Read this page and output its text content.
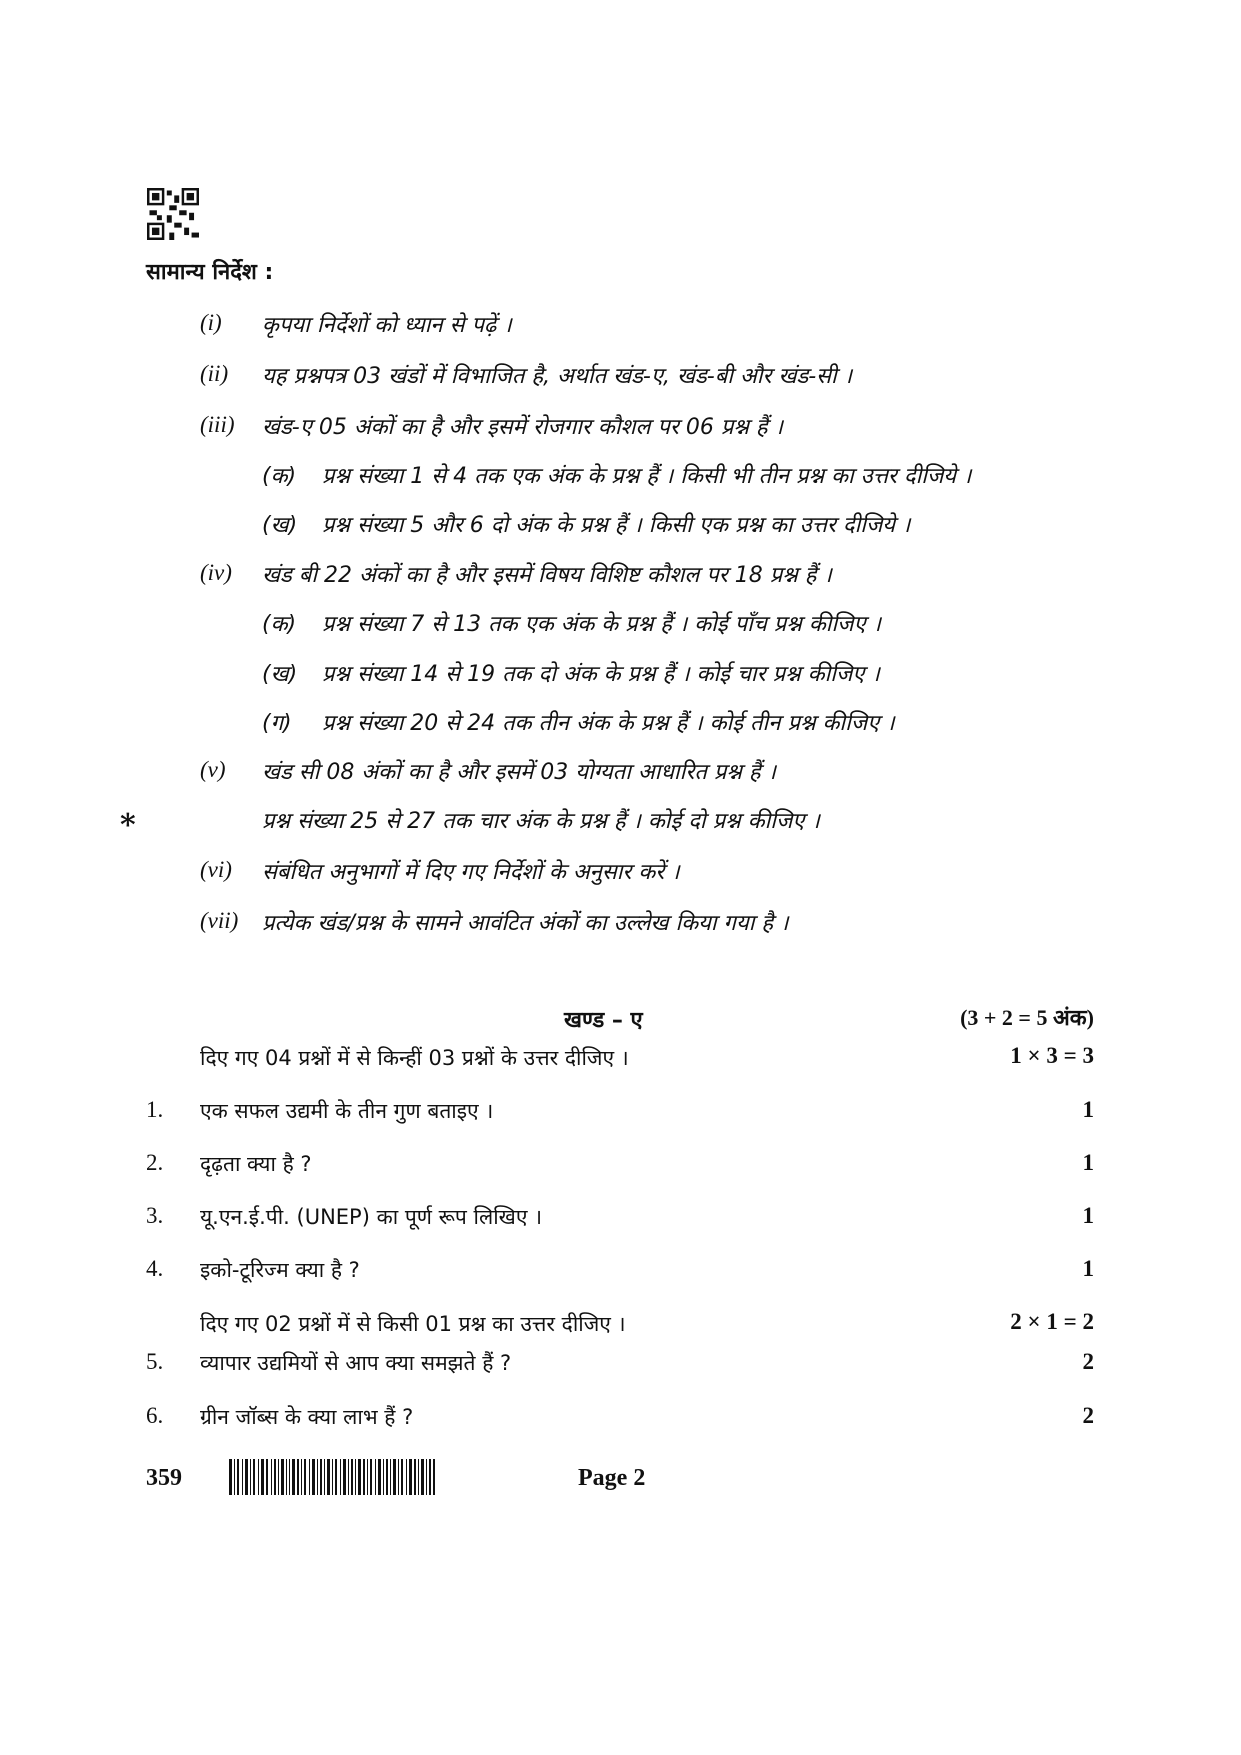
सामान्य निर्देश :
(i) कृपया निर्देशों को ध्यान से पढ़ें ।
(ii) यह प्रश्नपत्र 03 खंडों में विभाजित है, अर्थात खंड-ए, खंड-बी और खंड-सी ।
(iii) खंड-ए 05 अंकों का है और इसमें रोजगार कौशल पर 06 प्रश्न हैं ।
(क) प्रश्न संख्या 1 से 4 तक एक अंक के प्रश्न हैं । किसी भी तीन प्रश्न का उत्तर दीजिये ।
(ख) प्रश्न संख्या 5 और 6 दो अंक के प्रश्न हैं । किसी एक प्रश्न का उत्तर दीजिये ।
(iv) खंड बी 22 अंकों का है और इसमें विषय विशिष्ट कौशल पर 18 प्रश्न हैं ।
(क) प्रश्न संख्या 7 से 13 तक एक अंक के प्रश्न हैं । कोई पाँच प्रश्न कीजिए ।
(ख) प्रश्न संख्या 14 से 19 तक दो अंक के प्रश्न हैं । कोई चार प्रश्न कीजिए ।
(ग) प्रश्न संख्या 20 से 24 तक तीन अंक के प्रश्न हैं । कोई तीन प्रश्न कीजिए ।
(v) खंड सी 08 अंकों का है और इसमें 03 योग्यता आधारित प्रश्न हैं ।
प्रश्न संख्या 25 से 27 तक चार अंक के प्रश्न हैं । कोई दो प्रश्न कीजिए ।
*
(vi) संबंधित अनुभागों में दिए गए निर्देशों के अनुसार करें ।
(vii) प्रत्येक खंड/प्रश्न के सामने आवंटित अंकों का उल्लेख किया गया है ।
खण्ड – ए	(3 + 2 = 5 अंक)
दिए गए 04 प्रश्नों में से किन्हीं 03 प्रश्नों के उत्तर दीजिए ।	1 × 3 = 3
1. एक सफल उद्यमी के तीन गुण बताइए ।	1
2. दृढ़ता क्या है ?	1
3. यू.एन.ई.पी. (UNEP) का पूर्ण रूप लिखिए ।	1
4. इको-टूरिज्म क्या है ?	1
दिए गए 02 प्रश्नों में से किसी 01 प्रश्न का उत्तर दीजिए ।	2 × 1 = 2
5. व्यापार उद्यमियों से आप क्या समझते हैं ?	2
6. ग्रीन जॉब्स के क्या लाभ हैं ?	2
359	Page 2
